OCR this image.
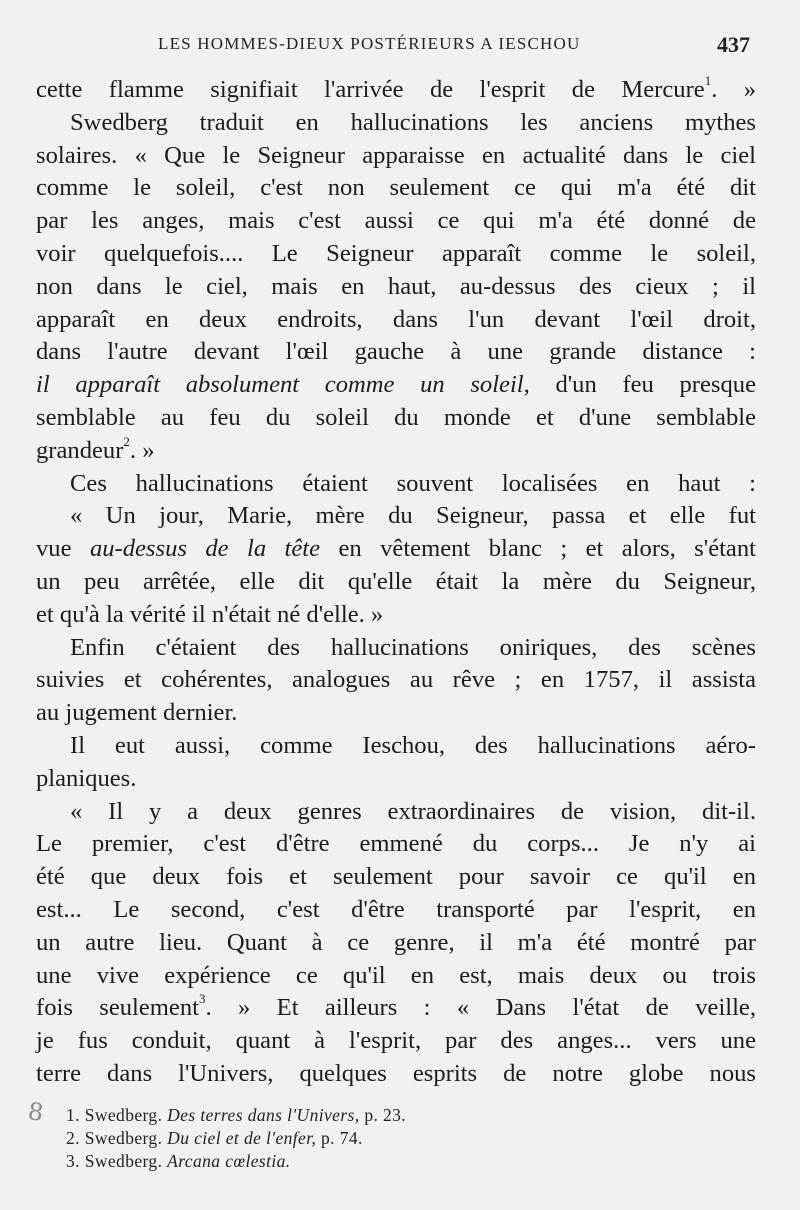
LES HOMMES-DIEUX POSTÉRIEURS A IESCHOU	437
cette flamme signifiait l'arrivée de l'esprit de Mercure$^1$. »
Swedberg traduit en hallucinations les anciens mythes
solaires. « Que le Seigneur apparaisse en actualité dans le ciel
comme le soleil, c'est non seulement ce qui m'a été dit
par les anges, mais c'est aussi ce qui m'a été donné de
voir quelquefois.... Le Seigneur apparaît comme le soleil,
non dans le ciel, mais en haut, au-dessus des cieux ; il
apparaît en deux endroits, dans l'un devant l'œil droit,
dans l'autre devant l'œil gauche à une grande distance :
il apparaît absolument comme un soleil, d'un feu presque
semblable au feu du soleil du monde et d'une semblable
grandeur$^2$. »
Ces hallucinations étaient souvent localisées en haut :
« Un jour, Marie, mère du Seigneur, passa et elle fut
vue au-dessus de la tête en vêtement blanc ; et alors, s'étant
un peu arrêtée, elle dit qu'elle était la mère du Seigneur,
et qu'à la vérité il n'était né d'elle. »
Enfin c'étaient des hallucinations oniriques, des scènes
suivies et cohérentes, analogues au rêve ; en 1757, il assista
au jugement dernier.
Il eut aussi, comme Ieschou, des hallucinations aéro-
planiques.
« Il y a deux genres extraordinaires de vision, dit-il.
Le premier, c'est d'être emmené du corps... Je n'y ai
été que deux fois et seulement pour savoir ce qu'il en
est... Le second, c'est d'être transporté par l'esprit, en
un autre lieu. Quant à ce genre, il m'a été montré par
une vive expérience ce qu'il en est, mais deux ou trois
fois seulement$^3$. » Et ailleurs : « Dans l'état de veille,
je fus conduit, quant à l'esprit, par des anges... vers une
terre dans l'Univers, quelques esprits de notre globe nous
8 1. Swedberg. Des terres dans l'Univers, p. 23.
2. Swedberg. Du ciel et de l'enfer, p. 74.
3. Swedberg. Arcana cœlestia.
